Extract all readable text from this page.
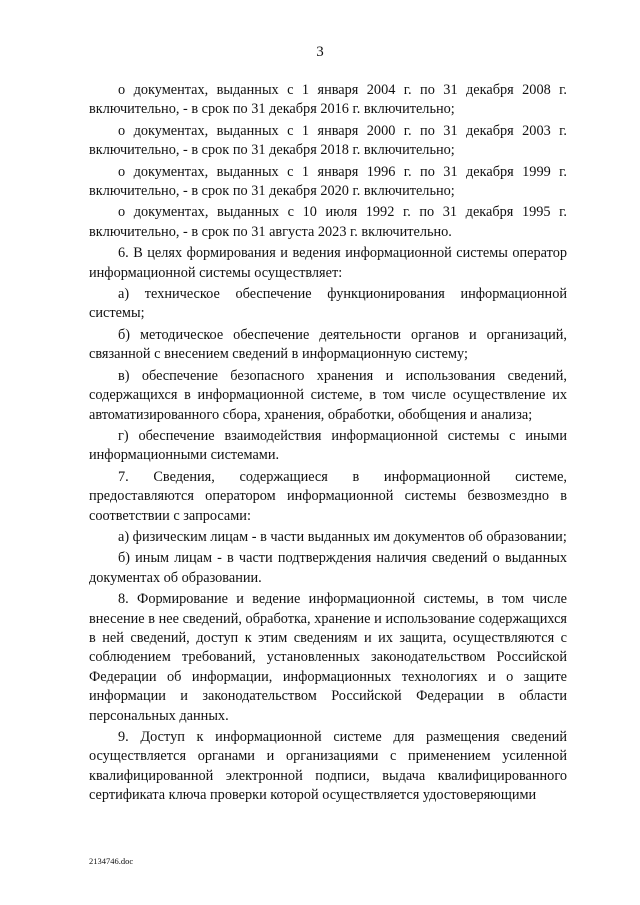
3

о документах, выданных с 1 января 2004 г. по 31 декабря 2008 г. включительно, - в срок по 31 декабря 2016 г. включительно;

о документах, выданных с 1 января 2000 г. по 31 декабря 2003 г. включительно, - в срок по 31 декабря 2018 г. включительно;

о документах, выданных с 1 января 1996 г. по 31 декабря 1999 г. включительно, - в срок по 31 декабря 2020 г. включительно;

о документах, выданных с 10 июля 1992 г. по 31 декабря 1995 г. включительно, - в срок по 31 августа 2023 г. включительно.

6. В целях формирования и ведения информационной системы оператор информационной системы осуществляет:

а) техническое обеспечение функционирования информационной системы;

б) методическое обеспечение деятельности органов и организаций, связанной с внесением сведений в информационную систему;

в) обеспечение безопасного хранения и использования сведений, содержащихся в информационной системе, в том числе осуществление их автоматизированного сбора, хранения, обработки, обобщения и анализа;

г) обеспечение взаимодействия информационной системы с иными информационными системами.

7. Сведения, содержащиеся в информационной системе, предоставляются оператором информационной системы безвозмездно в соответствии с запросами:

а) физическим лицам - в части выданных им документов об образовании;

б) иным лицам - в части подтверждения наличия сведений о выданных документах об образовании.

8. Формирование и ведение информационной системы, в том числе внесение в нее сведений, обработка, хранение и использование содержащихся в ней сведений, доступ к этим сведениям и их защита, осуществляются с соблюдением требований, установленных законодательством Российской Федерации об информации, информационных технологиях и о защите информации и законодательством Российской Федерации в области персональных данных.

9. Доступ к информационной системе для размещения сведений осуществляется органами и организациями с применением усиленной квалифицированной электронной подписи, выдача квалифицированного сертификата ключа проверки которой осуществляется удостоверяющими

2134746.doc
